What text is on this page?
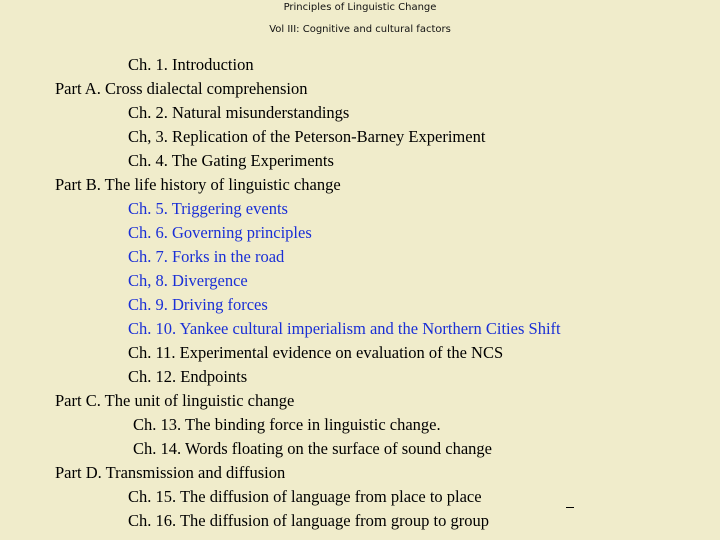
Principles of Linguistic Change
Vol III: Cognitive and cultural factors
Ch. 1. Introduction
Part A. Cross dialectal comprehension
Ch. 2. Natural misunderstandings
Ch, 3. Replication of the Peterson-Barney Experiment
Ch. 4. The Gating Experiments
Part B. The life history of linguistic change
Ch. 5. Triggering events
Ch. 6. Governing principles
Ch. 7. Forks in the road
Ch, 8. Divergence
Ch. 9. Driving forces
Ch. 10. Yankee cultural imperialism and the Northern Cities Shift
Ch. 11. Experimental evidence on evaluation of the NCS
Ch. 12. Endpoints
Part C. The unit of linguistic change
Ch. 13. The binding force in linguistic change.
Ch. 14. Words floating on the surface of sound change
Part D. Transmission and diffusion
Ch. 15. The diffusion of language from place to place
Ch. 16. The diffusion of language from group to group
